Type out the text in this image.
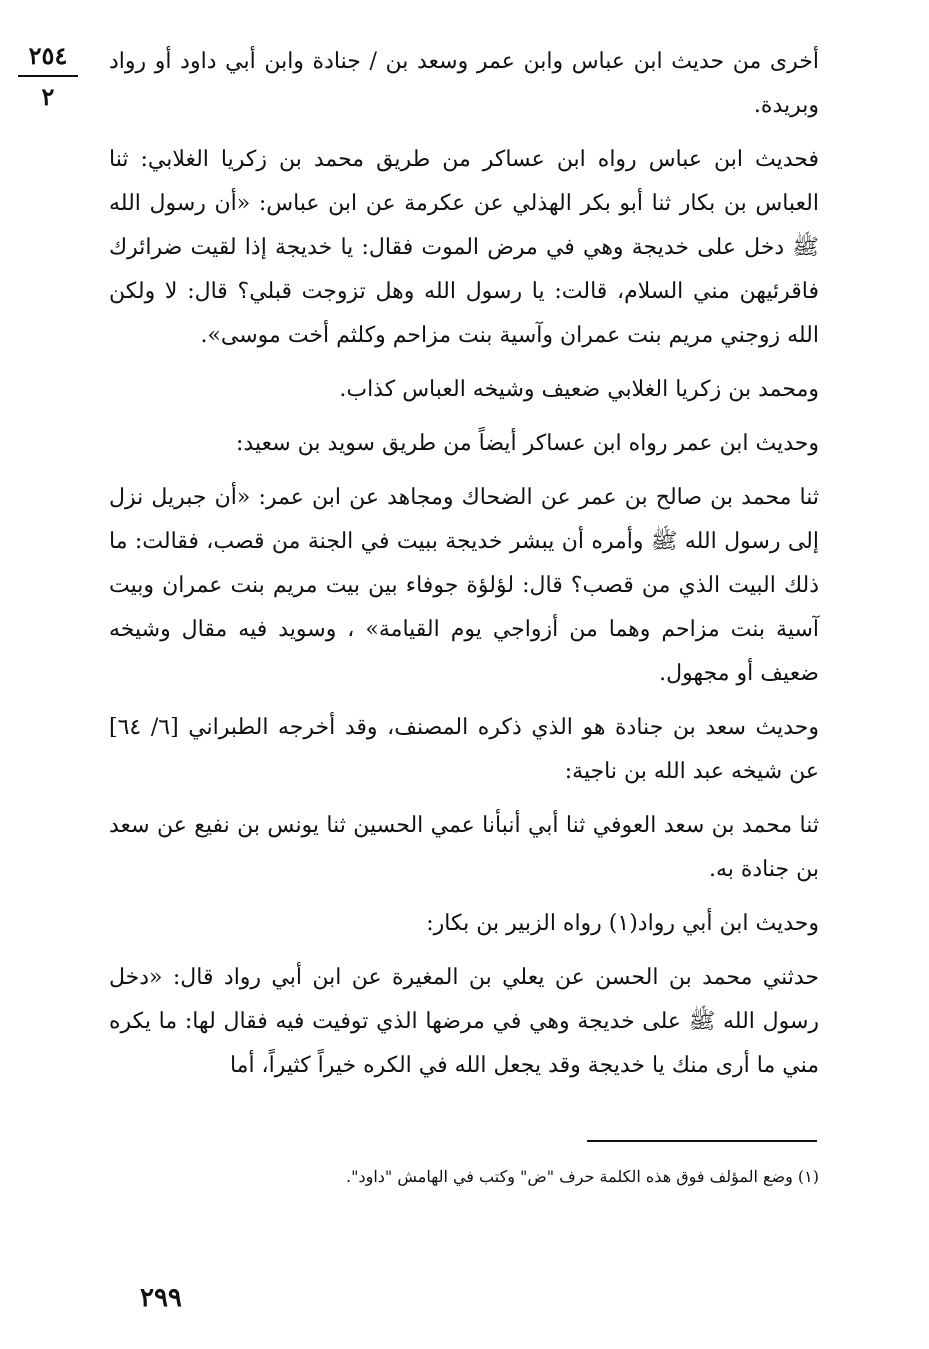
٢٥٤
٢

أخرى من حديث ابن عباس وابن عمر وسعد بن / جنادة وابن أبي داود أو رواد وبريدة.

فحديث ابن عباس رواه ابن عساكر من طريق محمد بن زكريا الغلابي: ثنا العباس بن بكار ثنا أبو بكر الهذلي عن عكرمة عن ابن عباس: «أن رسول الله ﷺ دخل على خديجة وهي في مرض الموت فقال: يا خديجة إذا لقيت ضرائرك فاقرئيهن مني السلام، قالت: يا رسول الله وهل تزوجت قبلي؟ قال: لا ولكن الله زوجني مريم بنت عمران وآسية بنت مزاحم وكلثم أخت موسى».

ومحمد بن زكريا الغلابي ضعيف وشيخه العباس كذاب.

وحديث ابن عمر رواه ابن عساكر أيضاً من طريق سويد بن سعيد:

ثنا محمد بن صالح بن عمر عن الضحاك ومجاهد عن ابن عمر: «أن جبريل نزل إلى رسول الله ﷺ وأمره أن يبشر خديجة ببيت في الجنة من قصب، فقالت: ما ذلك البيت الذي من قصب؟ قال: لؤلؤة جوفاء بين بيت مريم بنت عمران وبيت آسية بنت مزاحم وهما من أزواجي يوم القيامة» ، وسويد فيه مقال وشيخه ضعيف أو مجهول.

وحديث سعد بن جنادة هو الذي ذكره المصنف، وقد أخرجه الطبراني [٦/ ٦٤] عن شيخه عبد الله بن ناجية:

ثنا محمد بن سعد العوفي ثنا أبي أنبأنا عمي الحسين ثنا يونس بن نفيع عن سعد بن جنادة به.

وحديث ابن أبي رواد(١) رواه الزبير بن بكار:

حدثني محمد بن الحسن عن يعلي بن المغيرة عن ابن أبي رواد قال: «دخل رسول الله ﷺ على خديجة وهي في مرضها الذي توفيت فيه فقال لها: ما يكره مني ما أرى منك يا خديجة وقد يجعل الله في الكره خيراً كثيراً، أما

(١) وضع المؤلف فوق هذه الكلمة حرف "ض" وكتب في الهامش "داود".
٢٩٩
